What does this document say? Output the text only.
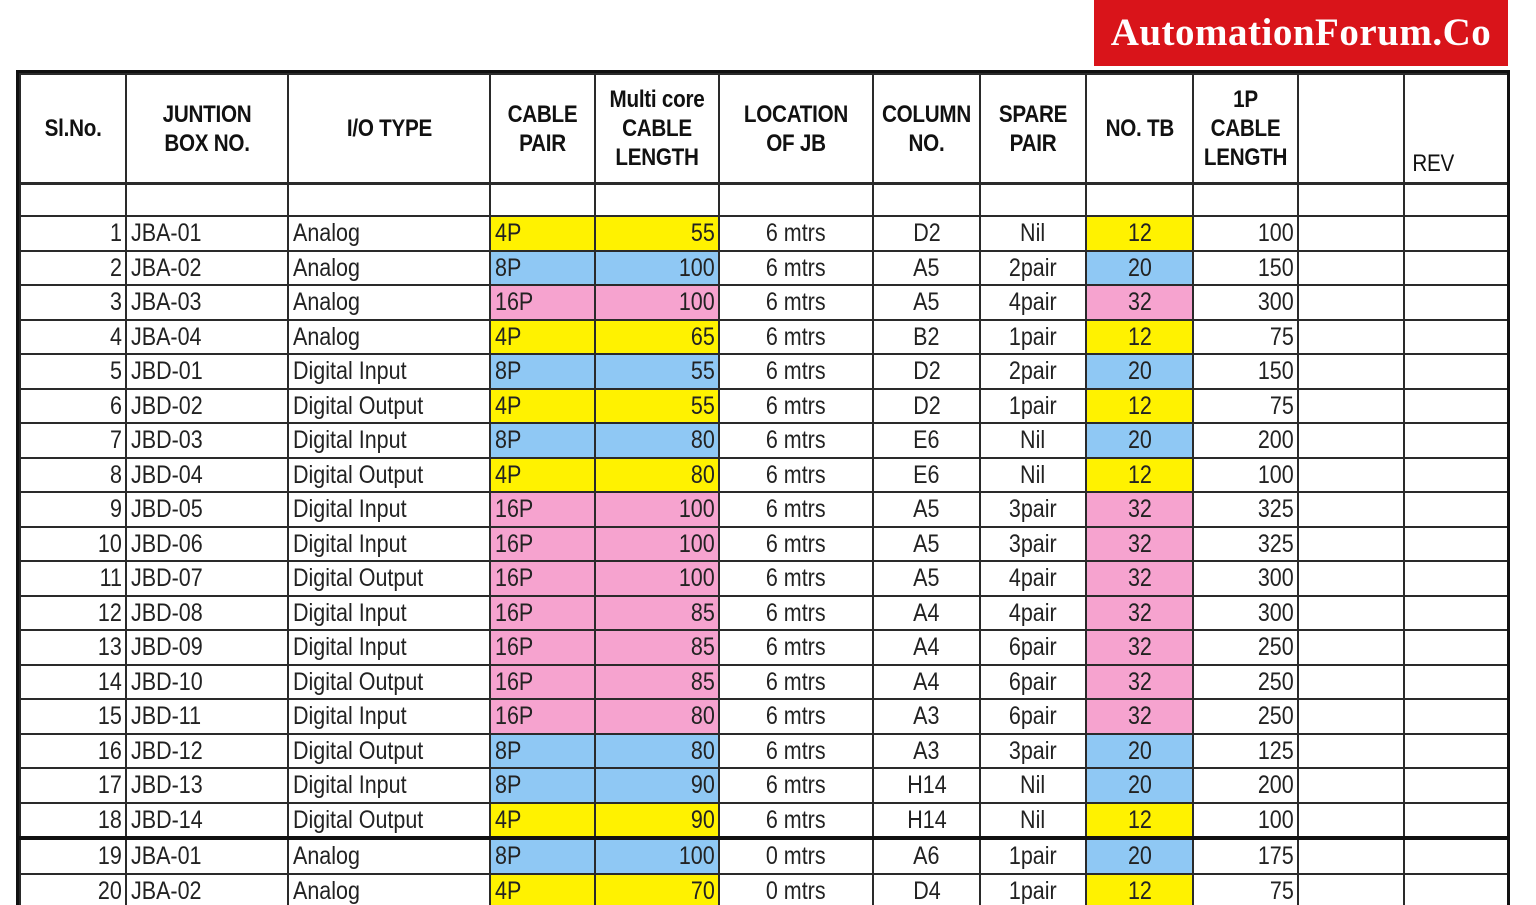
AutomationForum.Co
Sl.No.	JUNTION BOX NO.	I/O TYPE	CABLE PAIR	Multi core CABLE LENGTH	LOCATION OF JB	COLUMN NO.	SPARE PAIR	NO. TB	1P CABLE LENGTH		REV

1	JBA-01	Analog	4P	55	6 mtrs	D2	Nil	12	100		
2	JBA-02	Analog	8P	100	6 mtrs	A5	2pair	20	150		
3	JBA-03	Analog	16P	100	6 mtrs	A5	4pair	32	300		
4	JBA-04	Analog	4P	65	6 mtrs	B2	1pair	12	75		
5	JBD-01	Digital Input	8P	55	6 mtrs	D2	2pair	20	150		
6	JBD-02	Digital Output	4P	55	6 mtrs	D2	1pair	12	75		
7	JBD-03	Digital Input	8P	80	6 mtrs	E6	Nil	20	200		
8	JBD-04	Digital Output	4P	80	6 mtrs	E6	Nil	12	100		
9	JBD-05	Digital Input	16P	100	6 mtrs	A5	3pair	32	325		
10	JBD-06	Digital Input	16P	100	6 mtrs	A5	3pair	32	325		
11	JBD-07	Digital Output	16P	100	6 mtrs	A5	4pair	32	300		
12	JBD-08	Digital Input	16P	85	6 mtrs	A4	4pair	32	300		
13	JBD-09	Digital Input	16P	85	6 mtrs	A4	6pair	32	250		
14	JBD-10	Digital Output	16P	85	6 mtrs	A4	6pair	32	250		
15	JBD-11	Digital Input	16P	80	6 mtrs	A3	6pair	32	250		
16	JBD-12	Digital Output	8P	80	6 mtrs	A3	3pair	20	125		
17	JBD-13	Digital Input	8P	90	6 mtrs	H14	Nil	20	200		
18	JBD-14	Digital Output	4P	90	6 mtrs	H14	Nil	12	100		
19	JBA-01	Analog	8P	100	0 mtrs	A6	1pair	20	175		
20	JBA-02	Analog	4P	70	0 mtrs	D4	1pair	12	75		
